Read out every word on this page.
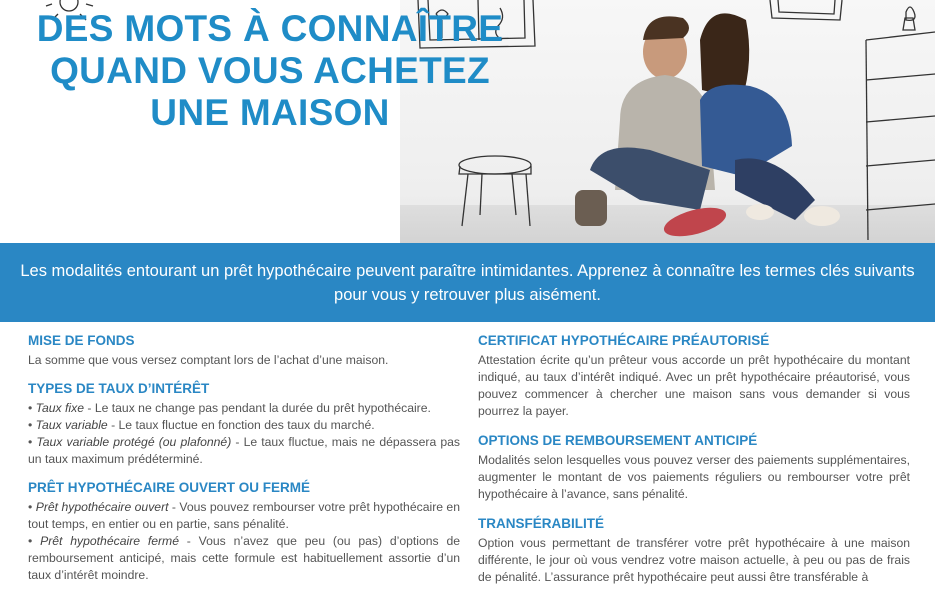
DES MOTS À CONNAÎTRE QUAND VOUS ACHETEZ UNE MAISON

Les modalités entourant un prêt hypothécaire peuvent paraître intimidantes. Apprenez à connaître les termes clés suivants pour vous y retrouver plus aisément.

MISE DE FONDS

La somme que vous versez comptant lors de l’achat d’une maison.

TYPES DE TAUX D’INTÉRÊT

• Taux fixe - Le taux ne change pas pendant la durée du prêt hypothécaire.

• Taux variable - Le taux fluctue en fonction des taux du marché.

• Taux variable protégé (ou plafonné) - Le taux fluctue, mais ne dépassera pas un taux maximum prédéterminé.

PRÊT HYPOTHÉCAIRE OUVERT OU FERMÉ

• Prêt hypothécaire ouvert - Vous pouvez rembourser votre prêt hypothécaire en tout temps, en entier ou en partie, sans pénalité.

• Prêt hypothécaire fermé - Vous n’avez que peu (ou pas) d’options de remboursement anticipé, mais cette formule est habituellement assortie d’un taux d’intérêt moindre.

CERTIFICAT HYPOTHÉCAIRE PRÉAUTORISÉ

Attestation écrite qu’un prêteur vous accorde un prêt hypothécaire du montant indiqué, au taux d’intérêt indiqué. Avec un prêt hypothécaire préautorisé, vous pouvez commencer à chercher une maison sans vous demander si vous pourrez la payer.

OPTIONS DE REMBOURSEMENT ANTICIPÉ

Modalités selon lesquelles vous pouvez verser des paiements supplémentaires, augmenter le montant de vos paiements réguliers ou rembourser votre prêt hypothécaire à l’avance, sans pénalité.

TRANSFÉRABILITÉ

Option vous permettant de transférer votre prêt hypothécaire à une maison différente, le jour où vous vendrez votre maison actuelle, à peu ou pas de frais de pénalité. L’assurance prêt hypothécaire peut aussi être transférable à
